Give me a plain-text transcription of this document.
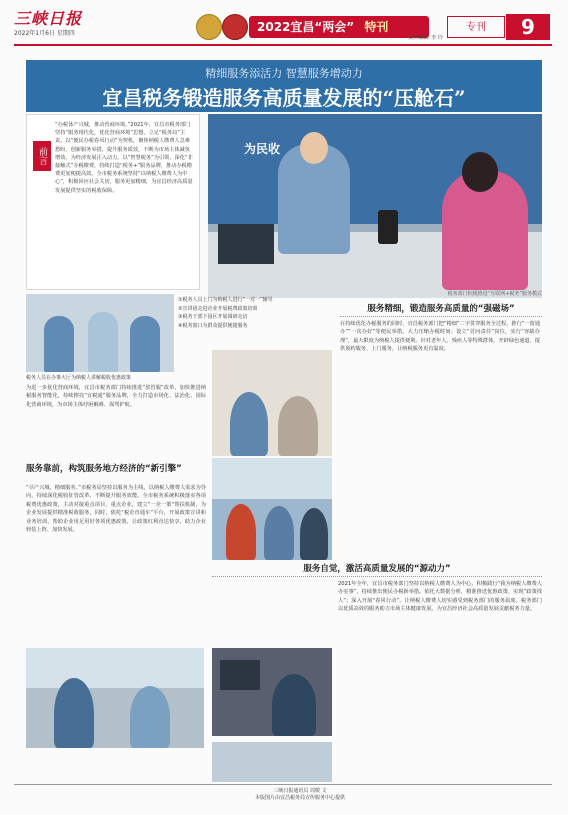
三峡日报
2022年1月6日 星期四	2022宜昌“两会” 特刊
责任编辑: 李 玲
专刊	9
精细服务添活力 智慧服务增动力
宜昌税务锻造服务高质量发展的“压舱石”
前言
“办税体产兴城，推动营商环境。”2021年，宜昌市税务部门坚持“服务现代化，优化营商环境”思想，立足“税务局”主责，以“便民办税春风行动”为契机，聚焦纳税人缴费人急难愁盼，创新服务举措，提升服务质效，不断为市场主体减负增效、为经济发展注入动力。以“智慧税务”为引领，深化“非接触式”办税缴费，持续打造“税务+”服务品牌，推动办税缴费更加便捷高效。全市税务系统坚持“以纳税人缴费人为中心”，积极回应社会关切，服务更加精细，为宜昌经济高质量发展提供坚实的税收保障。
为民收
税务部门积极推进“互联网+税务”服务模式
税务人员在办事大厅为纳税人讲解税收优惠政策
①税务人员上门为纳税人进行“一对一”辅导
②宣讲团走进企业开展税费政策培训
③税务干部下园区开展调研走访
④税务窗口为群众提供便捷服务
为进一步优化营商环境，宜昌市税务部门持续推进“放管服”改革，加快推进纳税服务智能化，持续擦亮“宜税通”服务品牌，全力打造市场化、法治化、国际化营商环境，为市场主体纾困解难、保驾护航。
服务靠前，构筑服务地方经济的“新引擎”
“尽产兴城，精细服务。”市税务局坚持以服务为主线，以纳税人缴费人需求为导向，持续深化税收征管改革，不断提升服务效能。全市税务系统积极落实各项税费优惠政策，主动对接重点项目、重点企业，建立“一企一策”帮扶机制，为企业发展提供精准税收服务。同时，依托“税企直通车”平台，开展政策宣讲和业务培训，帮助企业用足用好各项优惠政策，让政策红利直达快享，助力企业轻装上阵、加快发展。
服务精细，锻造服务高质量的“强磁场”
在持续优化办税服务的同时，宜昌税务部门把“精细”二字贯穿服务全过程。推行“一窗通办”“一次办好”等便民举措，大力压缩办税时间；设立“首问责任”岗位，实行“容缺办理”，最大限度为纳税人提供便利。针对老年人、残疾人等特殊群体，开辟绿色通道，提供预约服务、上门服务，让纳税服务更有温度。
服务自觉，激活高质量发展的“源动力”
2021年全年，宜昌市税务部门坚持以纳税人缴费人为中心，积极践行“我为纳税人缴费人办实事”，持续推出便民办税新举措。依托大数据分析，精准推送优惠政策，实现“政策找人”；深入开展“春风行动”，让纳税人缴费人切实感受到税务部门的服务温度。税务部门以优质高效的服务助力市场主体健康发展，为宜昌经济社会高质量发展贡献税务力量。
三峡日报通讯员 周媛 文
本版图片由宜昌税务局宣传服务中心提供
